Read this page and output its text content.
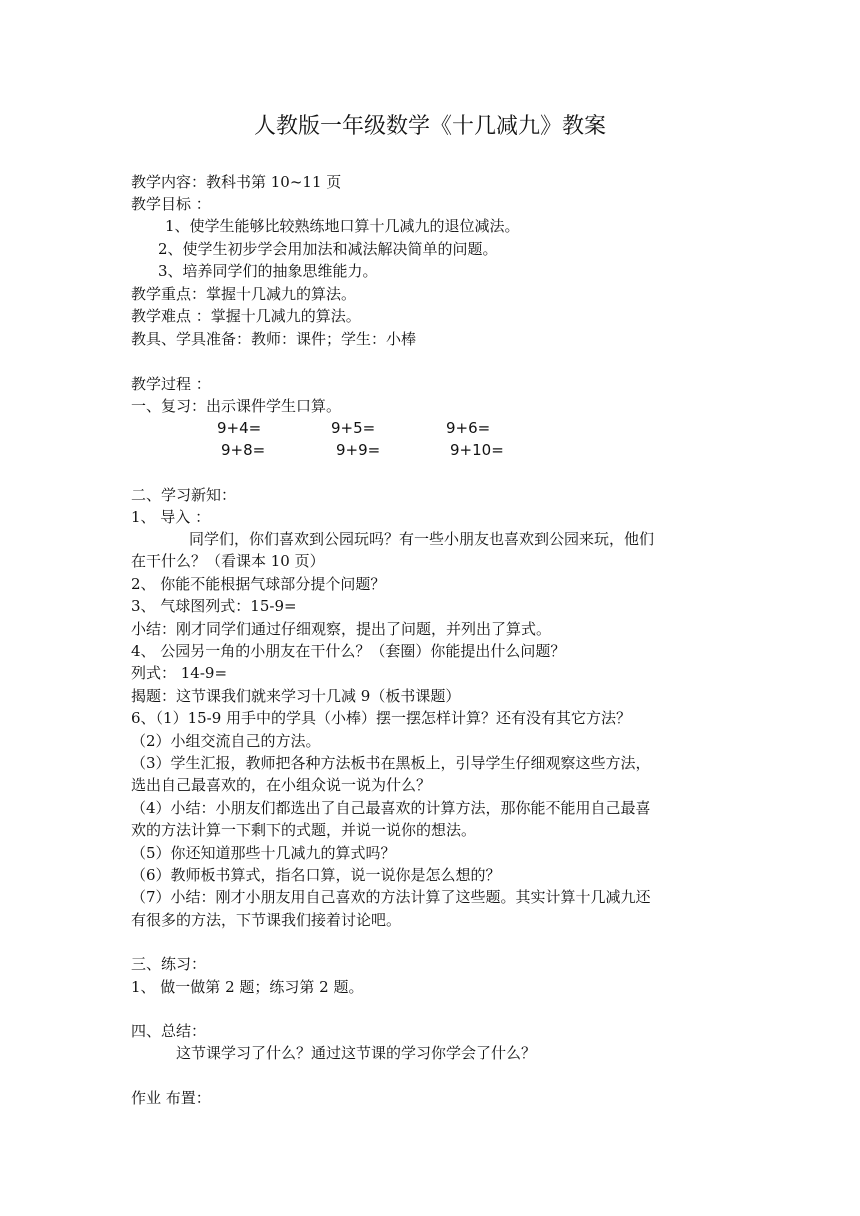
人教版一年级数学《十几减九》教案
教学内容：教科书第 10~11 页
教学目标 ：
1、使学生能够比较熟练地口算十几减九的退位减法。
2、使学生初步学会用加法和减法解决简单的问题。
3、培养同学们的抽象思维能力。
教学重点：掌握十几减九的算法。
教学难点 ：掌握十几减九的算法。
教具、学具准备：教师：课件；学生：小棒
教学过程 ：
一、复习：出示课件学生口算。
9+4=	9+5=	9+6=
9+8=	9+9=	9+10=
二、学习新知：
1、 导入 ：
同学们，你们喜欢到公园玩吗？有一些小朋友也喜欢到公园来玩，他们
在干什么？（看课本 10 页）
2、 你能不能根据气球部分提个问题？
3、 气球图列式：15-9=
小结：刚才同学们通过仔细观察，提出了问题，并列出了算式。
4、 公园另一角的小朋友在干什么？（套圈）你能提出什么问题？
列式： 14-9=
揭题：这节课我们就来学习十几减 9（板书课题）
6、（1）15-9 用手中的学具（小棒）摆一摆怎样计算？还有没有其它方法？
（2）小组交流自己的方法。
（3）学生汇报，教师把各种方法板书在黑板上，引导学生仔细观察这些方法，
选出自己最喜欢的，在小组众说一说为什么？
（4）小结：小朋友们都选出了自己最喜欢的计算方法，那你能不能用自己最喜
欢的方法计算一下剩下的式题，并说一说你的想法。
（5）你还知道那些十几减九的算式吗？
（6）教师板书算式，指名口算，说一说你是怎么想的？
（7）小结：刚才小朋友用自己喜欢的方法计算了这些题。其实计算十几减九还
有很多的方法，下节课我们接着讨论吧。
三、练习：
1、 做一做第 2 题；练习第 2 题。
四、总结：
这节课学习了什么？通过这节课的学习你学会了什么？
作业 布置：
